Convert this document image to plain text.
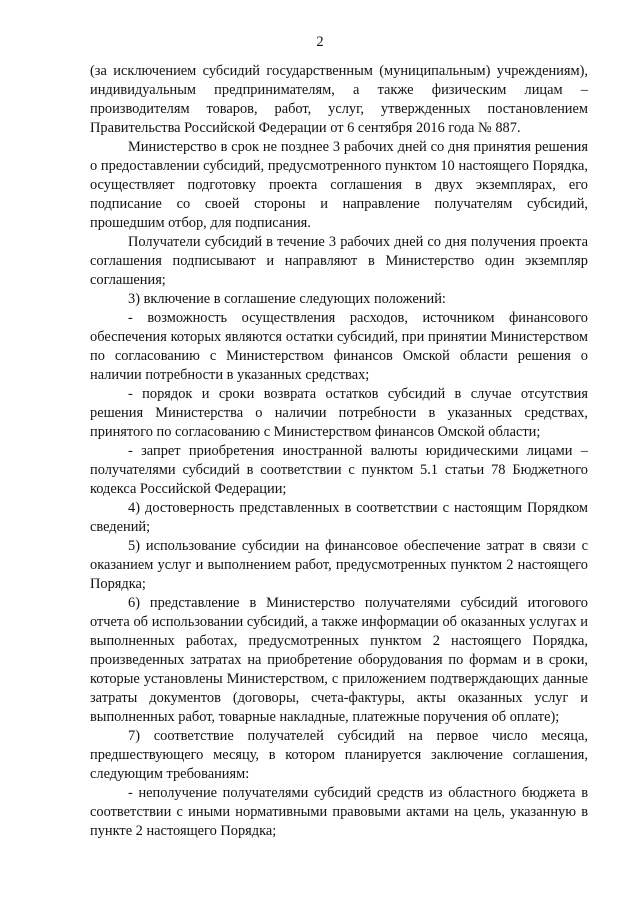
2

(за исключением субсидий государственным (муниципальным) учреждениям), индивидуальным предпринимателям, а также физическим лицам – производителям товаров, работ, услуг, утвержденных постановлением Правительства Российской Федерации от 6 сентября 2016 года № 887.

Министерство в срок не позднее 3 рабочих дней со дня принятия решения о предоставлении субсидий, предусмотренного пунктом 10 настоящего Порядка, осуществляет подготовку проекта соглашения в двух экземплярах, его подписание со своей стороны и направление получателям субсидий, прошедшим отбор, для подписания.

Получатели субсидий в течение 3 рабочих дней со дня получения проекта соглашения подписывают и направляют в Министерство один экземпляр соглашения;

3) включение в соглашение следующих положений:

- возможность осуществления расходов, источником финансового обеспечения которых являются остатки субсидий, при принятии Министерством по согласованию с Министерством финансов Омской области решения о наличии потребности в указанных средствах;

- порядок и сроки возврата остатков субсидий в случае отсутствия решения Министерства о наличии потребности в указанных средствах, принятого по согласованию с Министерством финансов Омской области;

- запрет приобретения иностранной валюты юридическими лицами – получателями субсидий в соответствии с пунктом 5.1 статьи 78 Бюджетного кодекса Российской Федерации;

4) достоверность представленных в соответствии с настоящим Порядком сведений;

5) использование субсидии на финансовое обеспечение затрат в связи с оказанием услуг и выполнением работ, предусмотренных пунктом 2 настоящего Порядка;

6) представление в Министерство получателями субсидий итогового отчета об использовании субсидий, а также информации об оказанных услугах и выполненных работах, предусмотренных пунктом 2 настоящего Порядка, произведенных затратах на приобретение оборудования по формам и в сроки, которые установлены Министерством, с приложением подтверждающих данные затраты документов (договоры, счета-фактуры, акты оказанных услуг и выполненных работ, товарные накладные, платежные поручения об оплате);

7) соответствие получателей субсидий на первое число месяца, предшествующего месяцу, в котором планируется заключение соглашения, следующим требованиям:

- неполучение получателями субсидий средств из областного бюджета в соответствии с иными нормативными правовыми актами на цель, указанную в пункте 2 настоящего Порядка;
